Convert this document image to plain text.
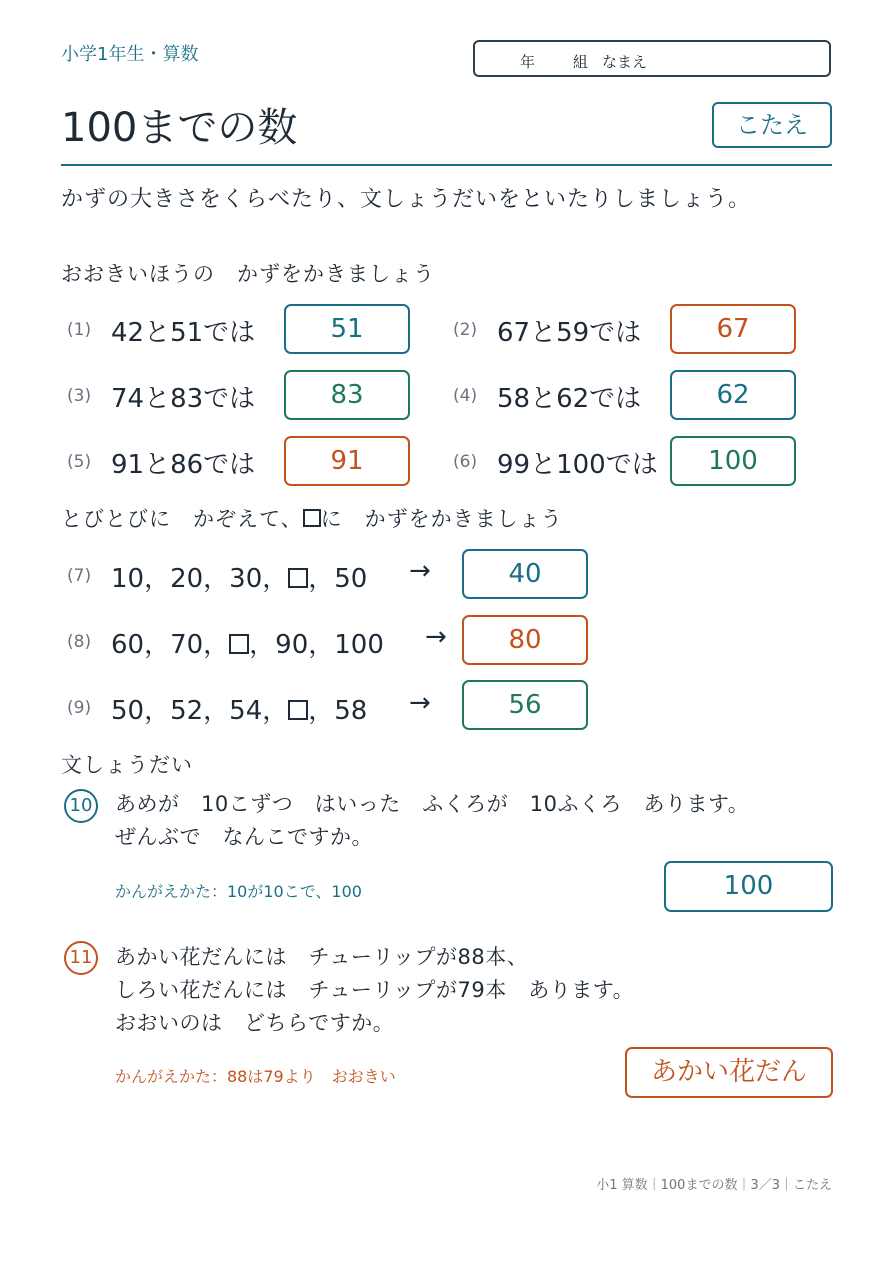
小学1年生・算数	年	組 なまえ
100までの数	こたえ
かずの大きさをくらべたり、文しょうだいをといたりしましょう。
おおきいほうの　かずをかきましょう
(1) 42と51では	51	(2) 67と59では	67
(3) 74と83では	83	(4) 58と62では	62
(5) 91と86では	91	(6) 99と100では	100
とびとびに　かぞえて、 に　かずをかきましょう
(7) 10，20，30， ，50 →	40
(8) 60，70， ，90，100 →	80
(9) 50，52，54， ，58 →	56
文しょうだい
10 あめが　10こずつ　はいった　ふくろが　10ふくろ　あります。
ぜんぶで　なんこですか。
かんがえかた：10が10こで、100	100
11 あかい花だんには　チューリップが88本、
しろい花だんには　チューリップが79本　あります。
おおいのは　どちらですか。
かんがえかた：88は79より　おおきい	あかい花だん
小1 算数｜100までの数｜3／3｜こたえ
